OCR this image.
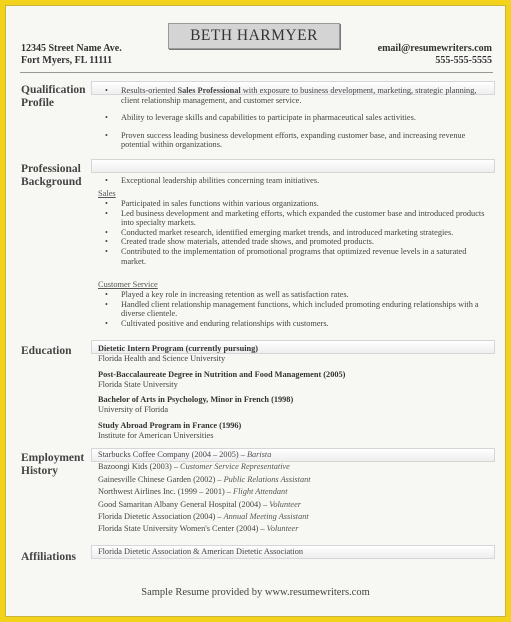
BETH HARMYER
12345 Street Name Ave.
Fort Myers, FL 11111
email@resumewriters.com
555-555-5555
Qualification
Profile
• Results-oriented Sales Professional with exposure to business development, marketing, strategic planning, client relationship management, and customer service.
• Ability to leverage skills and capabilities to participate in pharmaceutical sales activities.
• Proven success leading business development efforts, expanding customer base, and increasing revenue potential within organizations.
•
• Exceptional leadership abilities concerning team initiatives.
Professional
Background
Sales
• Participated in sales functions within various organizations.
• Led business development and marketing efforts, which expanded the customer base and introduced products into specialty markets.
• Conducted market research, identified emerging market trends, and introduced marketing strategies.
• Created trade show materials, attended trade shows, and promoted products.
• Contributed to the implementation of promotional programs that optimized revenue levels in a saturated market.
Customer Service
• Played a key role in increasing retention as well as satisfaction rates.
• Handled client relationship management functions, which included promoting enduring relationships with a diverse clientele.
• Cultivated positive and enduring relationships with customers.
Education	Dietetic Intern Program (currently pursuing)
Florida Health and Science University
Post-Baccalaureate Degree in Nutrition and Food Management (2005)
Florida State University
Bachelor of Arts in Psychology, Minor in French (1998)
University of Florida
Study Abroad Program in France (1996)
Institute for American Universities
Employment
History
Starbucks Coffee Company (2004 – 2005) – Barista
Bazoongi Kids (2003) – Customer Service Representative
Gainesville Chinese Garden (2002) – Public Relations Assistant
Northwest Airlines Inc. (1999 – 2001) – Flight Attendant
Good Samaritan Albany General Hospital (2004) – Volunteer
Florida Dietetic Association (2004) – Annual Meeting Assistant
Florida State University Women's Center (2004) – Volunteer
Affiliations	Florida Dietetic Association & American Dietetic Association
Sample Resume provided by www.resumewriters.com
